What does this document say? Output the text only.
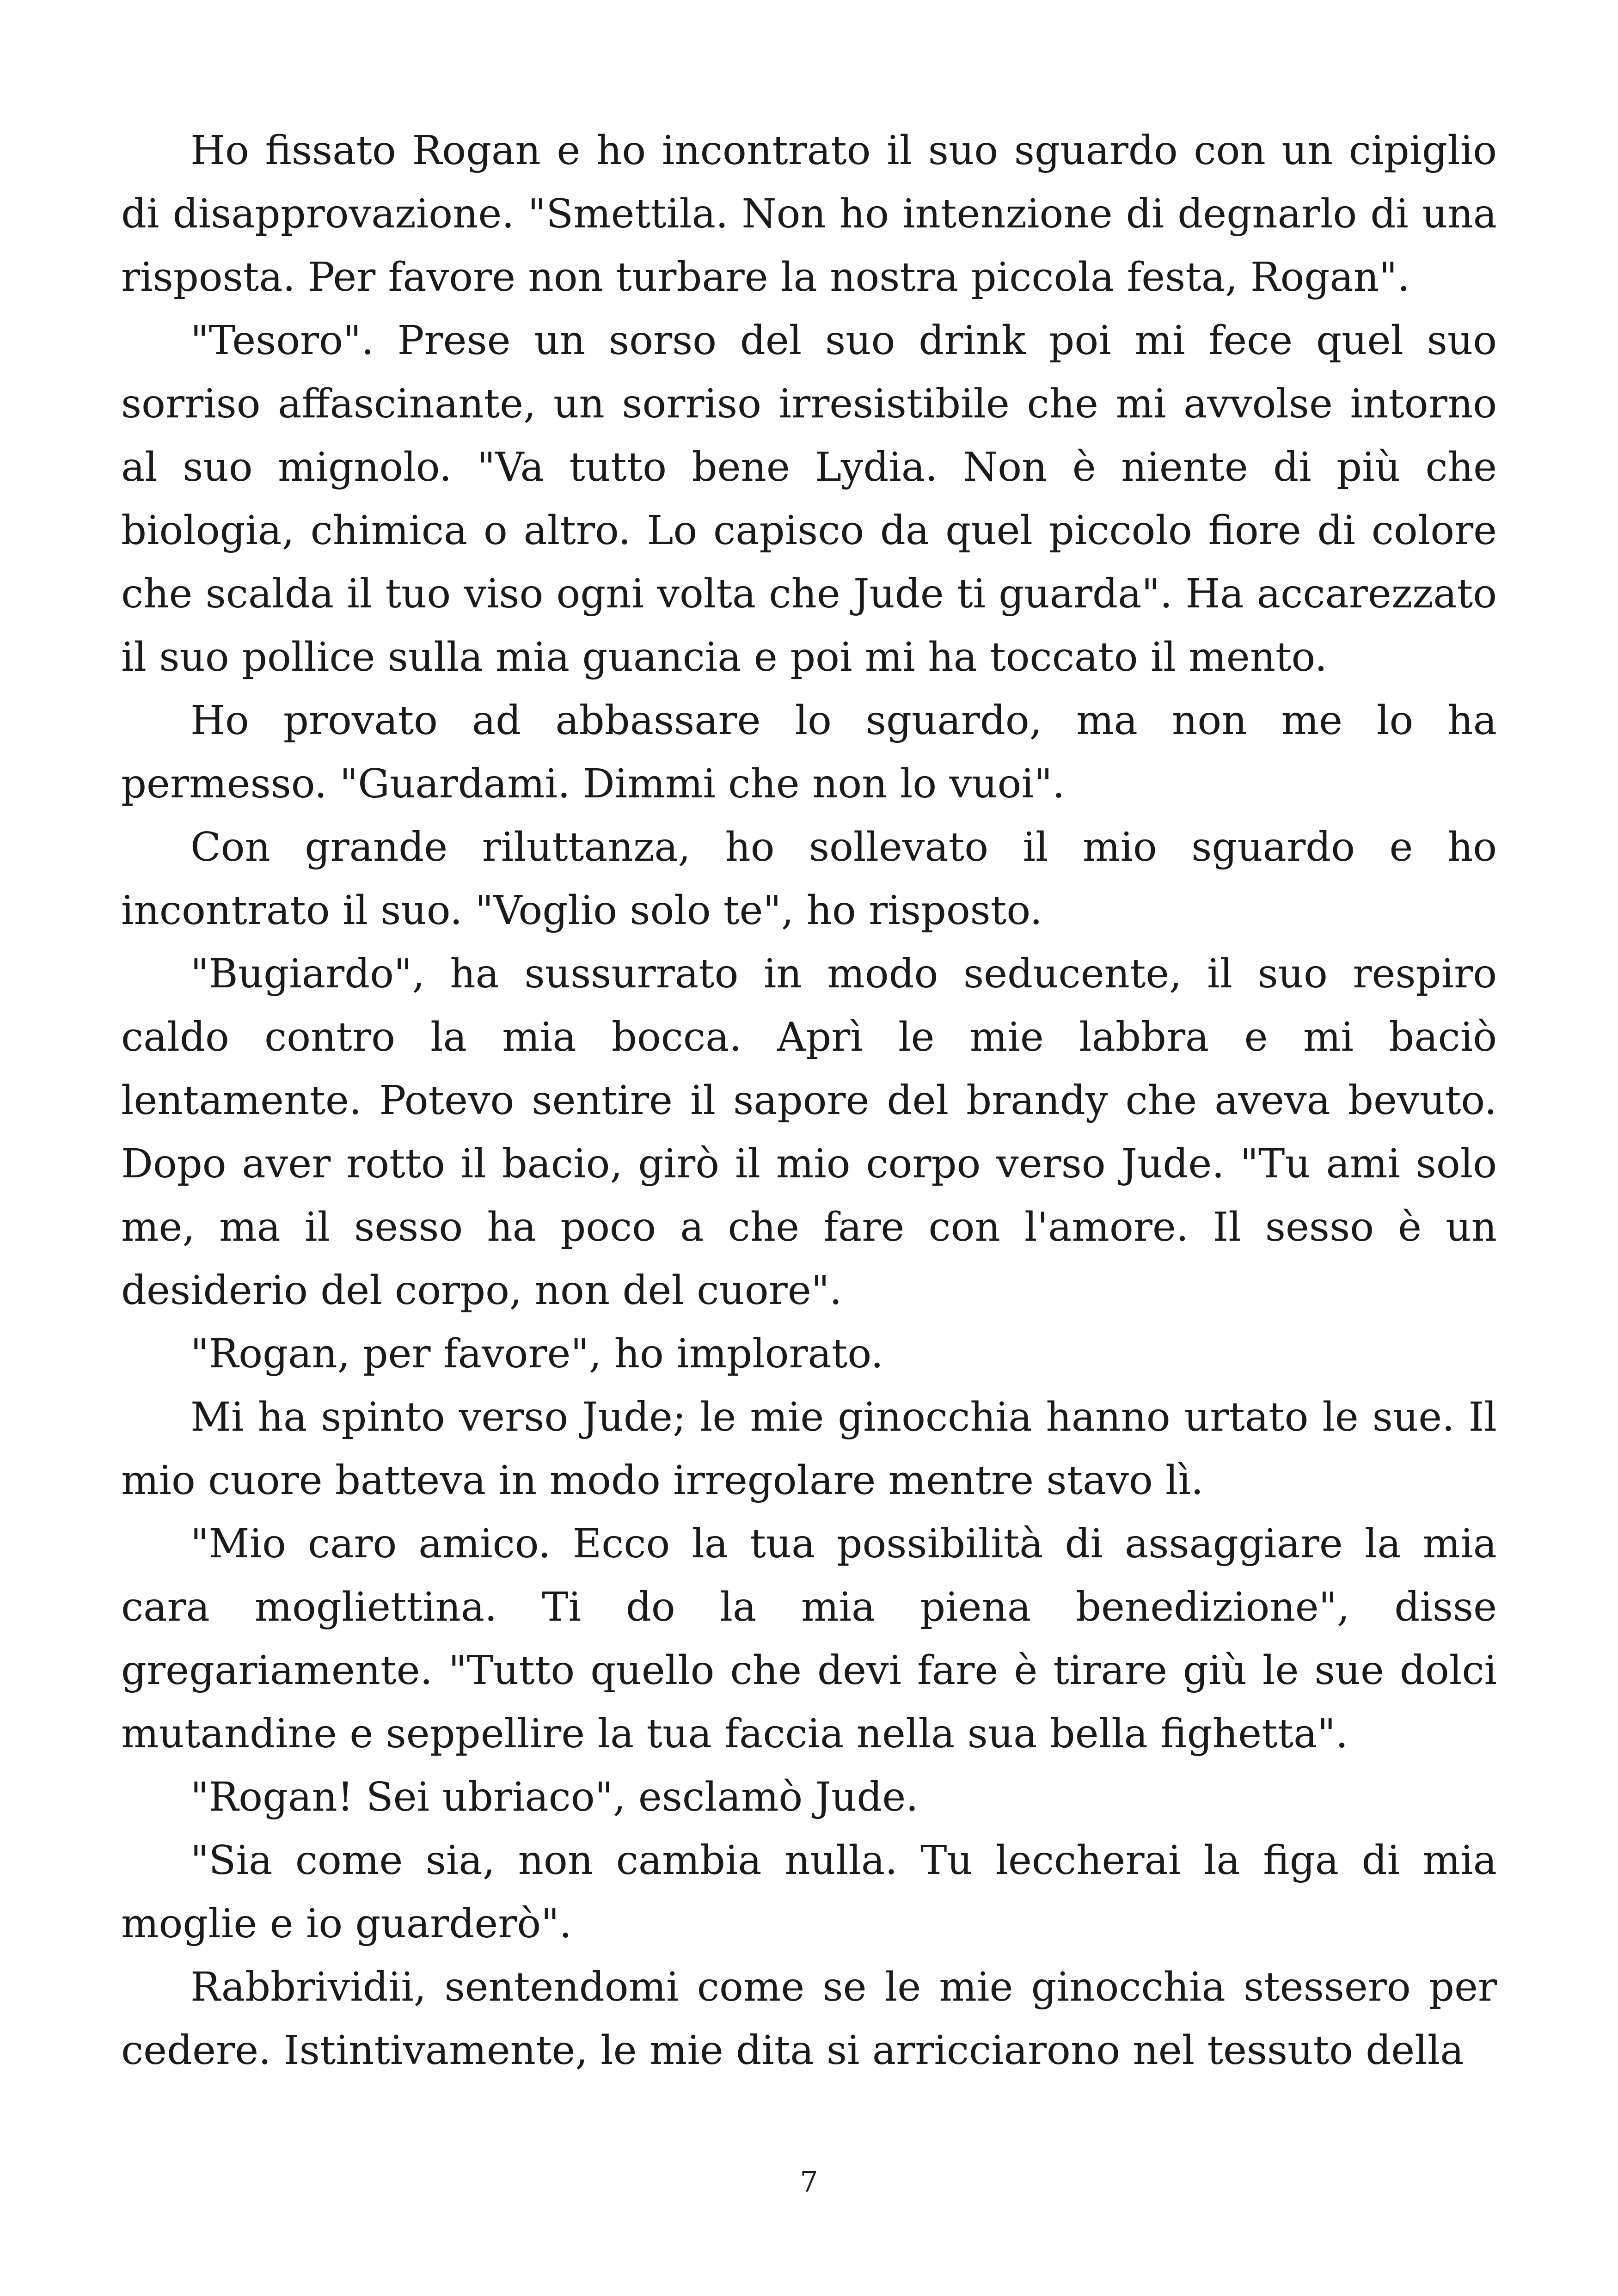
Ho fissato Rogan e ho incontrato il suo sguardo con un cipiglio di disapprovazione. "Smettila. Non ho intenzione di degnarlo di una risposta. Per favore non turbare la nostra piccola festa, Rogan".

"Tesoro". Prese un sorso del suo drink poi mi fece quel suo sorriso affascinante, un sorriso irresistibile che mi avvolse intorno al suo mignolo. "Va tutto bene Lydia. Non è niente di più che biologia, chimica o altro. Lo capisco da quel piccolo fiore di colore che scalda il tuo viso ogni volta che Jude ti guarda". Ha accarezzato il suo pollice sulla mia guancia e poi mi ha toccato il mento.

Ho provato ad abbassare lo sguardo, ma non me lo ha permesso. "Guardami. Dimmi che non lo vuoi".

Con grande riluttanza, ho sollevato il mio sguardo e ho incontrato il suo. "Voglio solo te", ho risposto.

"Bugiardo", ha sussurrato in modo seducente, il suo respiro caldo contro la mia bocca. Aprì le mie labbra e mi baciò lentamente. Potevo sentire il sapore del brandy che aveva bevuto. Dopo aver rotto il bacio, girò il mio corpo verso Jude. "Tu ami solo me, ma il sesso ha poco a che fare con l'amore. Il sesso è un desiderio del corpo, non del cuore".

"Rogan, per favore", ho implorato.

Mi ha spinto verso Jude; le mie ginocchia hanno urtato le sue. Il mio cuore batteva in modo irregolare mentre stavo lì.

"Mio caro amico. Ecco la tua possibilità di assaggiare la mia cara mogliettina. Ti do la mia piena benedizione", disse gregariamente. "Tutto quello che devi fare è tirare giù le sue dolci mutandine e seppellire la tua faccia nella sua bella fighetta".

"Rogan! Sei ubriaco", esclamò Jude.

"Sia come sia, non cambia nulla. Tu leccherai la figa di mia moglie e io guarderò".

Rabbrividii, sentendomi come se le mie ginocchia stessero per cedere. Istintivamente, le mie dita si arricciarono nel tessuto della

7
